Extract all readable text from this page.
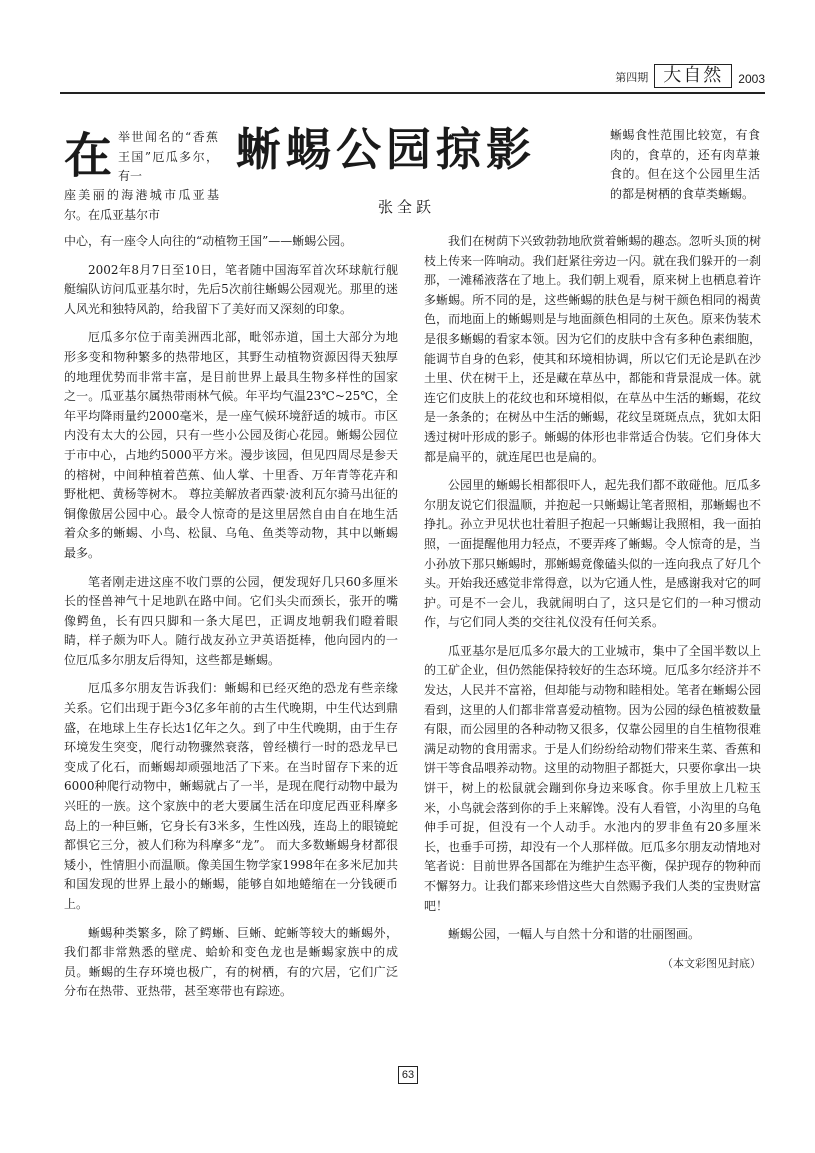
第四期 大自然	2003
蜥蜴公园掠影
张全跃
在 举世闻名的“香蕉王国”厄瓜多尔，有一

座美丽的海港城市瓜亚基尔。在瓜亚基尔市

蜥蜴食性范围比较宽，有食肉的，食草的，还有肉草兼食的。但在这个公园里生活的都是树栖的食草类蜥蜴。

中心，有一座令人向往的“动植物王国”——蜥蜴公园。

2002年8月7日至10日，笔者随中国海军首次环球航行舰艇编队访问瓜亚基尔时，先后5次前往蜥蜴公园观光。那里的迷人风光和独特风韵，给我留下了美好而又深刻的印象。

厄瓜多尔位于南美洲西北部，毗邻赤道，国土大部分为地形多变和物种繁多的热带地区，其野生动植物资源因得天独厚的地理优势而非常丰富，是目前世界上最具生物多样性的国家之一。瓜亚基尔属热带雨林气候。年平均气温23℃~25℃，全年平均降雨量约2000毫米，是一座气候环境舒适的城市。市区内没有太大的公园，只有一些小公园及街心花园。蜥蜴公园位于市中心，占地约5000平方米。漫步该园，但见四周尽是参天的榕树，中间种植着芭蕉、仙人掌、十里香、万年青等花卉和野枇杷、黄杨等树木。 尊拉美解放者西蒙·波利瓦尔骑马出征的铜像傲居公园中心。最令人惊奇的是这里居然自由自在地生活着众多的蜥蜴、小鸟、松鼠、乌龟、鱼类等动物，其中以蜥蜴最多。

笔者刚走进这座不收门票的公园，便发现好几只60多厘米长的怪兽神气十足地趴在路中间。它们头尖而颈长，张开的嘴像鳄鱼，长有四只脚和一条大尾巴，正调皮地朝我们瞪着眼睛，样子颇为吓人。随行战友孙立尹英语挺棒，他向园内的一位厄瓜多尔朋友后得知，这些都是蜥蜴。

厄瓜多尔朋友告诉我们：蜥蜴和已经灭绝的恐龙有些亲缘关系。它们出现于距今3亿多年前的古生代晚期，中生代达到鼎盛，在地球上生存长达1亿年之久。到了中生代晚期，由于生存环境发生突变，爬行动物骤然衰落，曾经横行一时的恐龙早已变成了化石，而蜥蜴却顽强地活了下来。在当时留存下来的近6000种爬行动物中，蜥蜴就占了一半，是现在爬行动物中最为兴旺的一族。这个家族中的老大要属生活在印度尼西亚科摩多岛上的一种巨蜥，它身长有3米多，生性凶残，连岛上的眼镜蛇都惧它三分，被人们称为科摩多“龙”。 而大多数蜥蜴身材都很矮小，性情胆小而温顺。像美国生物学家1998年在多米尼加共和国发现的世界上最小的蜥蜴，能够自如地蜷缩在一分钱硬币上。

蜥蜴种类繁多，除了鳄蜥、巨蜥、蛇蜥等较大的蜥蜴外，我们都非常熟悉的壁虎、蛤蚧和变色龙也是蜥蜴家族中的成员。蜥蜴的生存环境也极广，有的树栖，有的穴居，它们广泛分布在热带、亚热带，甚至寒带也有踪迹。

我们在树荫下兴致勃勃地欣赏着蜥蜴的趣态。忽听头顶的树枝上传来一阵响动。我们赶紧往旁边一闪。就在我们躲开的一刹那，一滩稀液落在了地上。我们朝上观看，原来树上也栖息着许多蜥蜴。所不同的是，这些蜥蜴的肤色是与树干颜色相同的褐黄色，而地面上的蜥蜴则是与地面颜色相同的土灰色。原来伪装术是很多蜥蜴的看家本领。因为它们的皮肤中含有多种色素细胞，能调节自身的色彩，使其和环境相协调，所以它们无论是趴在沙土里、伏在树干上，还是藏在草丛中，都能和背景混成一体。就连它们皮肤上的花纹也和环境相似，在草丛中生活的蜥蜴，花纹是一条条的；在树丛中生活的蜥蜴，花纹呈斑斑点点，犹如太阳透过树叶形成的影子。蜥蜴的体形也非常适合伪装。它们身体大都是扁平的，就连尾巴也是扁的。

公园里的蜥蜴长相都很吓人，起先我们都不敢碰他。厄瓜多尔朋友说它们很温顺，并抱起一只蜥蜴让笔者照相，那蜥蜴也不挣扎。孙立尹见状也壮着胆子抱起一只蜥蜴让我照相，我一面拍照，一面提醒他用力轻点，不要弄疼了蜥蜴。令人惊奇的是，当小孙放下那只蜥蜴时，那蜥蜴竟像磕头似的一连向我点了好几个头。开始我还感觉非常得意，以为它通人性，是感谢我对它的呵护。可是不一会儿，我就闹明白了，这只是它们的一种习惯动作，与它们同人类的交往礼仪没有任何关系。

瓜亚基尔是厄瓜多尔最大的工业城市，集中了全国半数以上的工矿企业，但仍然能保持较好的生态环境。厄瓜多尔经济并不发达，人民并不富裕，但却能与动物和睦相处。笔者在蜥蜴公园看到，这里的人们都非常喜爱动植物。因为公园的绿色植被数量有限，而公园里的各种动物又很多，仅靠公园里的自生植物很难满足动物的食用需求。于是人们纷纷给动物们带来生菜、香蕉和饼干等食品喂养动物。这里的动物胆子都挺大，只要你拿出一块饼干，树上的松鼠就会蹦到你身边来啄食。你手里放上几粒玉米，小鸟就会落到你的手上来解馋。没有人看管，小沟里的乌龟伸手可捉，但没有一个人动手。水池内的罗非鱼有20多厘米长，也垂手可捞，却没有一个人那样做。厄瓜多尔朋友动情地对笔者说：目前世界各国都在为维护生态平衡，保护现存的物种而不懈努力。让我们都来珍惜这些大自然赐予我们人类的宝贵财富吧！

蜥蜴公园，一幅人与自然十分和谐的壮丽图画。

（本文彩图见封底）

63
